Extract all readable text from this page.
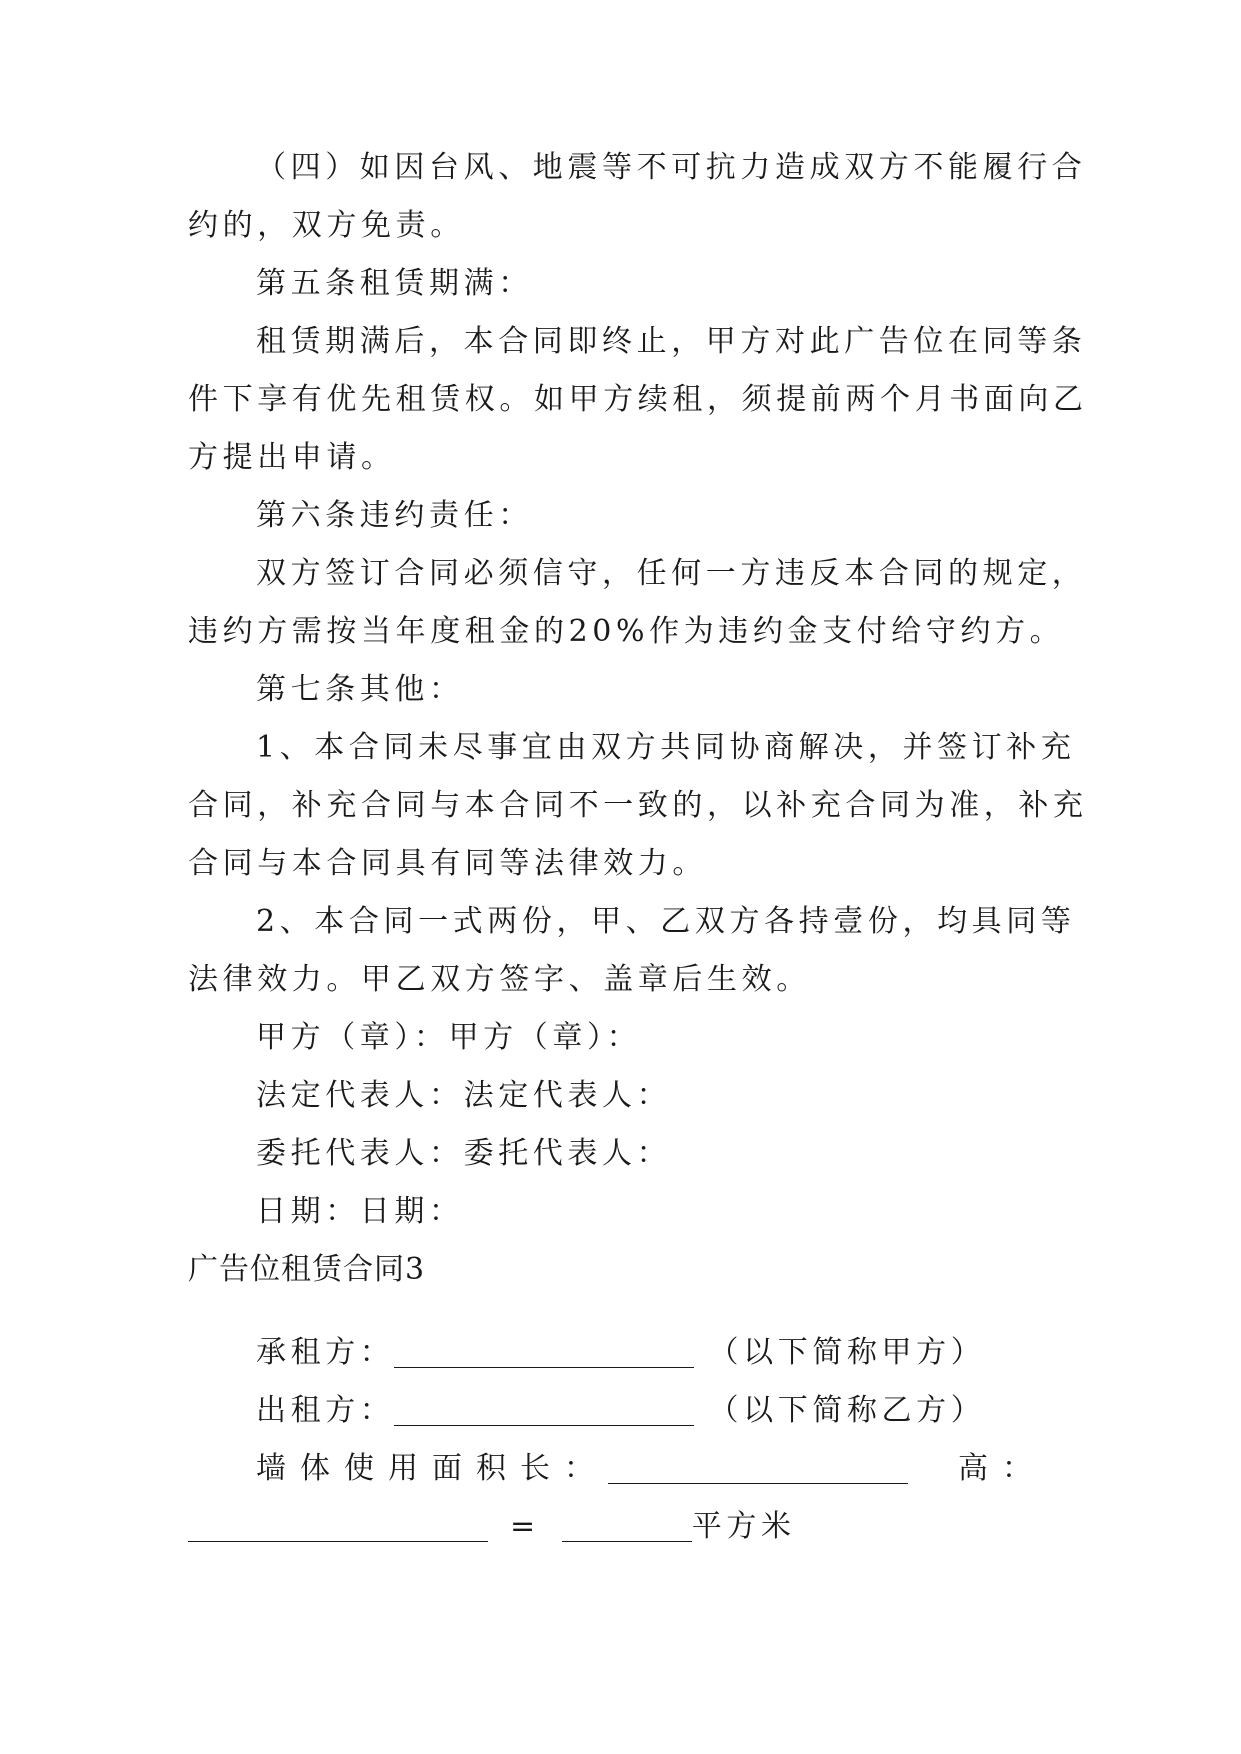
（四）如因台风、地震等不可抗力造成双方不能履行合
约的，双方免责。
第五条租赁期满：
租赁期满后，本合同即终止，甲方对此广告位在同等条
件下享有优先租赁权。如甲方续租，须提前两个月书面向乙
方提出申请。
第六条违约责任：
双方签订合同必须信守，任何一方违反本合同的规定，
违约方需按当年度租金的20%作为违约金支付给守约方。
第七条其他：
1、本合同未尽事宜由双方共同协商解决，并签订补充
合同，补充合同与本合同不一致的，以补充合同为准，补充
合同与本合同具有同等法律效力。
2、本合同一式两份，甲、乙双方各持壹份，均具同等
法律效力。甲乙双方签字、盖章后生效。
甲方（章）：甲方（章）：
法定代表人：法定代表人：
委托代表人：委托代表人：
日期：日期：
广告位租赁合同3
承租方：	（以下简称甲方）
出租方：	（以下简称乙方）
墙体使用面积长：	高：
=	平方米
